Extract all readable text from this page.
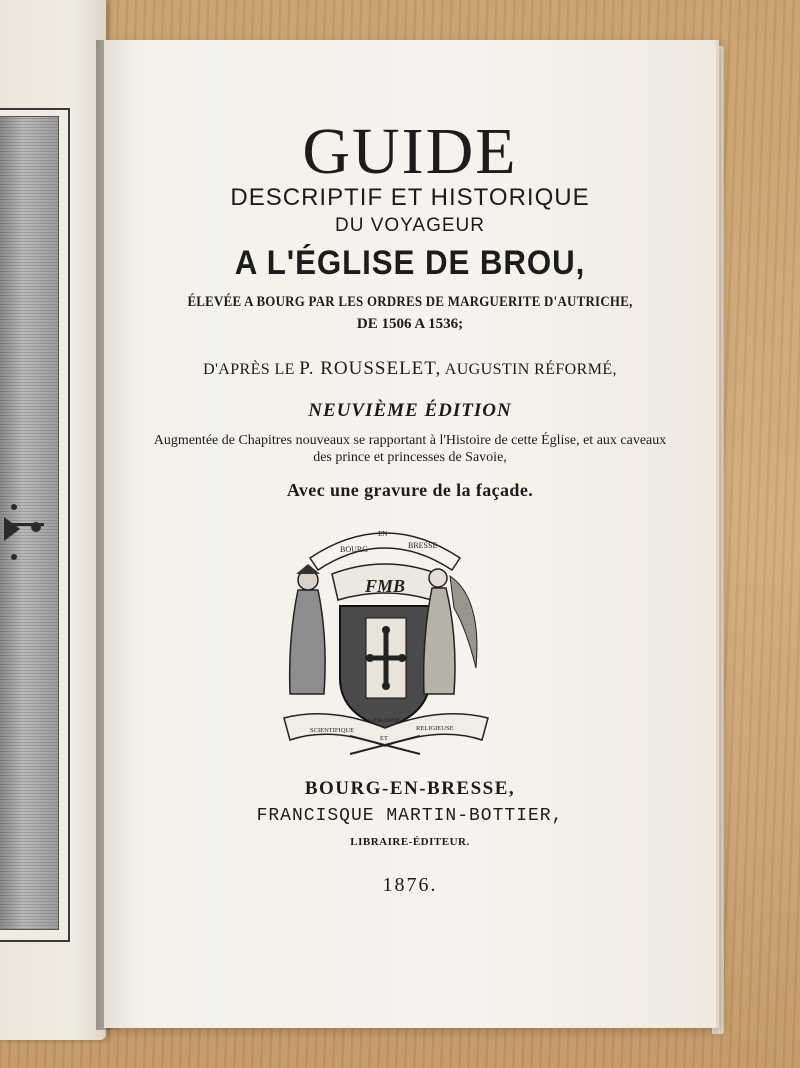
GUIDE
DESCRIPTIF ET HISTORIQUE
DU VOYAGEUR
A L'ÉGLISE DE BROU,
ÉLEVÉE A BOURG PAR LES ORDRES DE MARGUERITE D'AUTRICHE,
DE 1506 A 1536;
D'APRÈS LE P. ROUSSELET, AUGUSTIN RÉFORMÉ,
NEUVIÈME ÉDITION
Augmentée de Chapitres nouveaux se rapportant à l'Histoire de cette Église, et aux caveaux des prince et princesses de Savoie,
Avec une gravure de la façade.
BOURG
EN
BRESSE
FMB
SCIENTIFIQUE
LIBRAIRIE
ET
RELIGIEUSE
BOURG-EN-BRESSE,
FRANCISQUE MARTIN-BOTTIER,
LIBRAIRE-ÉDITEUR.
1876.
